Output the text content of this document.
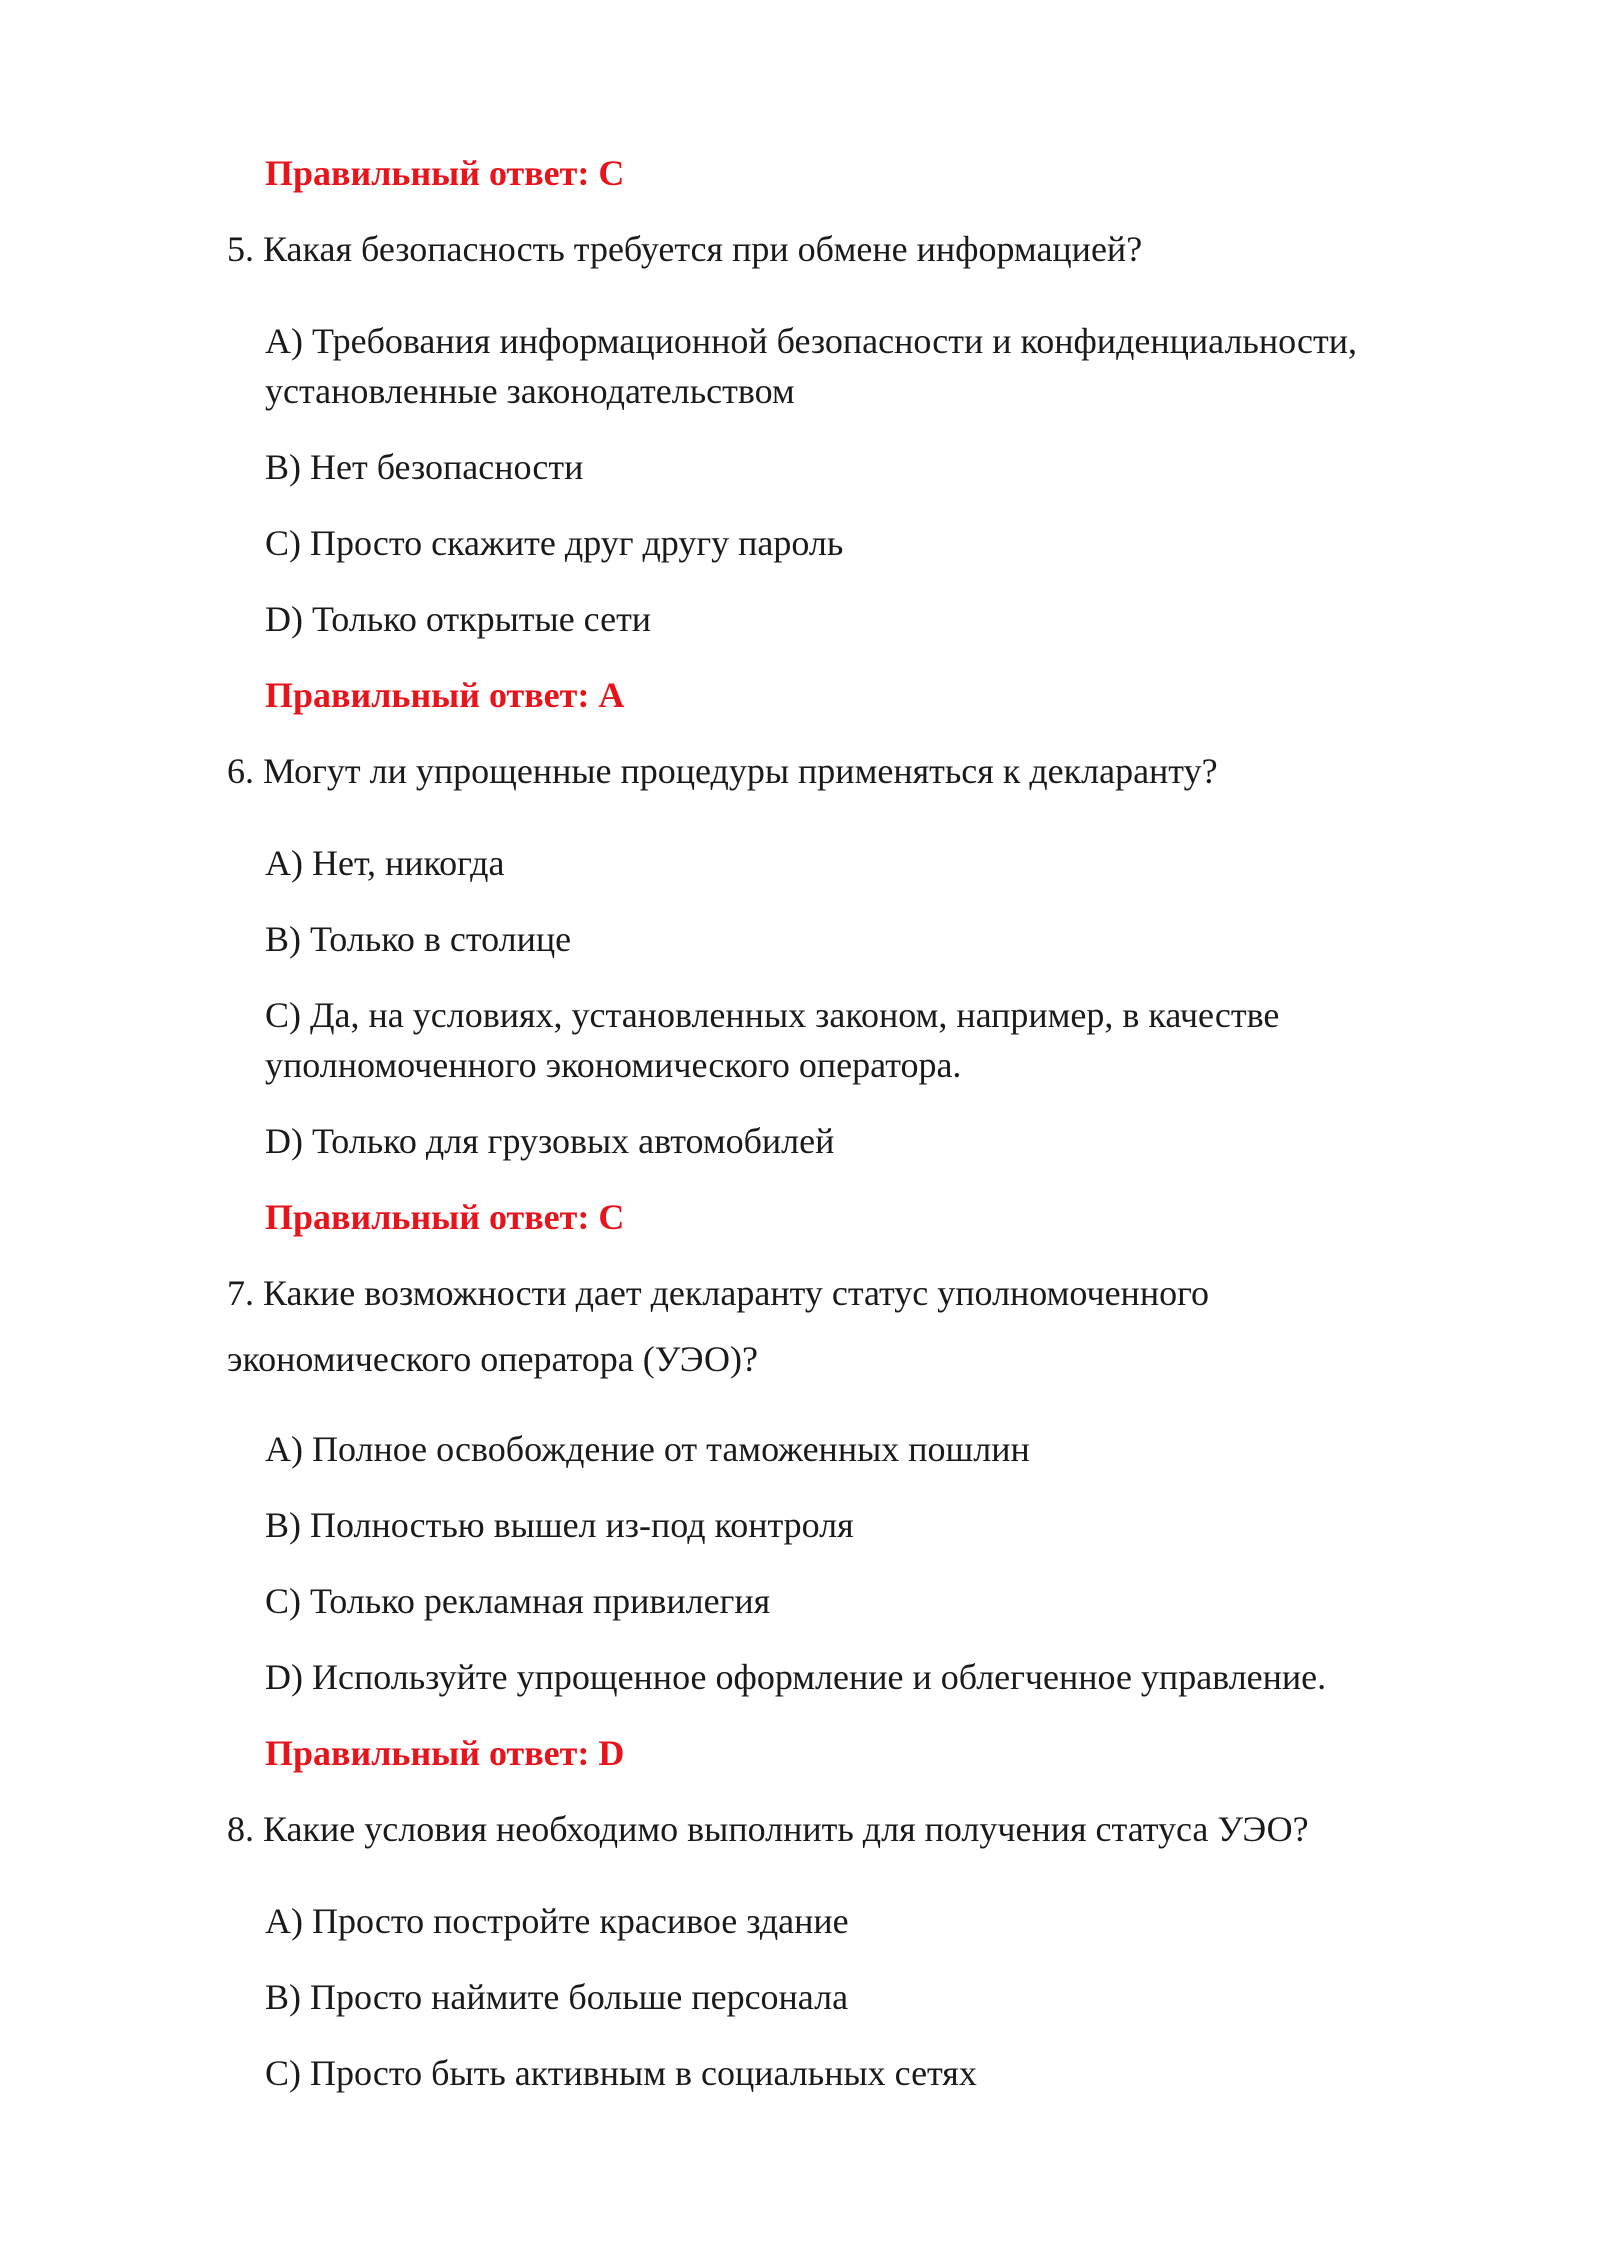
Правильный ответ: С
5. Какая безопасность требуется при обмене информацией?
А) Требования информационной безопасности и конфиденциальности,
установленные законодательством
В) Нет безопасности
С) Просто скажите друг другу пароль
D) Только открытые сети
Правильный ответ: А
6. Могут ли упрощенные процедуры применяться к декларанту?
А) Нет, никогда
В) Только в столице
С) Да, на условиях, установленных законом, например, в качестве
уполномоченного экономического оператора.
D) Только для грузовых автомобилей
Правильный ответ: С
7. Какие возможности дает декларанту статус уполномоченного
экономического оператора (УЭО)?
А) Полное освобождение от таможенных пошлин
В) Полностью вышел из-под контроля
С) Только рекламная привилегия
D) Используйте упрощенное оформление и облегченное управление.
Правильный ответ: D
8. Какие условия необходимо выполнить для получения статуса УЭО?
А) Просто постройте красивое здание
В) Просто наймите больше персонала
С) Просто быть активным в социальных сетях
